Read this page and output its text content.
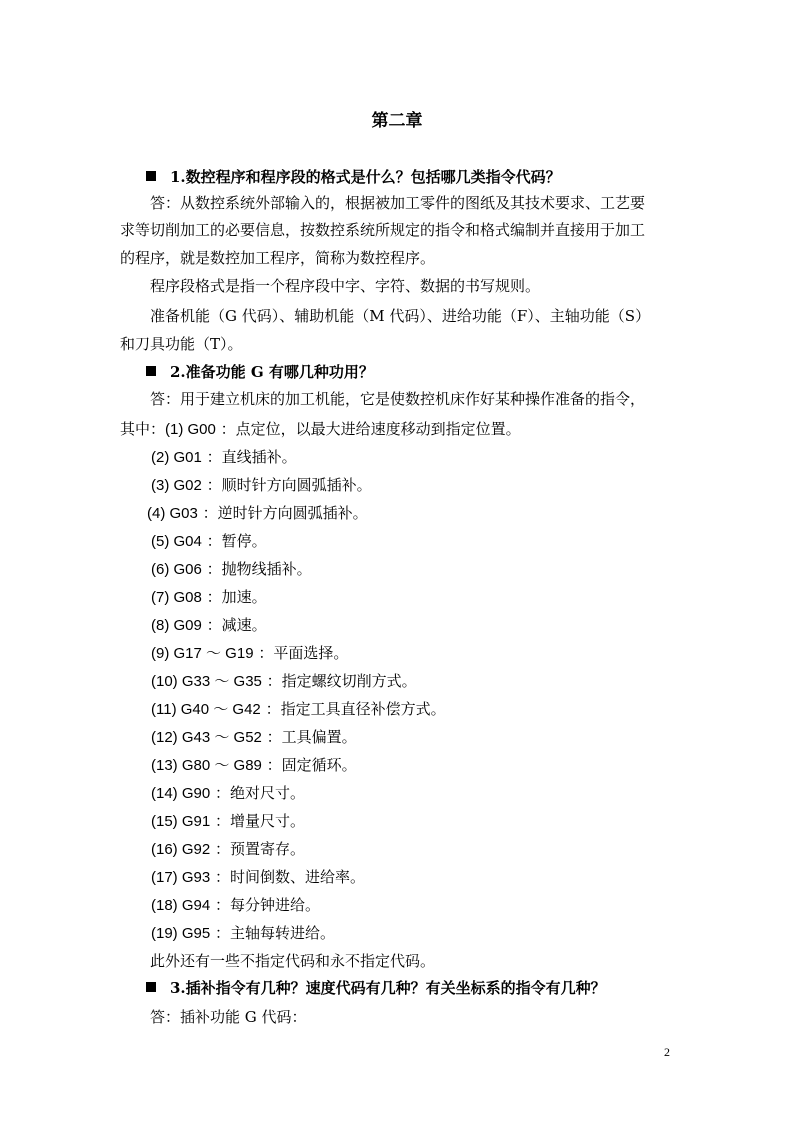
第二章
1.数控程序和程序段的格式是什么？包括哪几类指令代码？
答：从数控系统外部输入的，根据被加工零件的图纸及其技术要求、工艺要
求等切削加工的必要信息，按数控系统所规定的指令和格式编制并直接用于加工
的程序，就是数控加工程序，简称为数控程序。
程序段格式是指一个程序段中字、字符、数据的书写规则。
准备机能（G 代码）、辅助机能（M 代码）、进给功能（F）、主轴功能（S）
和刀具功能（T）。
2.准备功能 G 有哪几种功用？
答：用于建立机床的加工机能，它是使数控机床作好某种操作准备的指令，
其中：(1) G00 ：点定位，以最大进给速度移动到指定位置。
(2) G01 ：直线插补。
(3) G02 ：顺时针方向圆弧插补。
(4) G03 ：逆时针方向圆弧插补。
(5) G04 ：暂停。
(6) G06 ：抛物线插补。
(7) G08 ：加速。
(8) G09 ：减速。
(9) G17 ～ G19 ：平面选择。
(10) G33 ～ G35 ：指定螺纹切削方式。
(11) G40 ～ G42 ：指定工具直径补偿方式。
(12) G43 ～ G52 ：工具偏置。
(13) G80 ～ G89 ：固定循环。
(14) G90 ：绝对尺寸。
(15) G91 ：增量尺寸。
(16) G92 ：预置寄存。
(17) G93 ：时间倒数、进给率。
(18) G94 ：每分钟进给。
(19) G95 ：主轴每转进给。
此外还有一些不指定代码和永不指定代码。
3.插补指令有几种？速度代码有几种？有关坐标系的指令有几种？
答：插补功能 G 代码：
2
